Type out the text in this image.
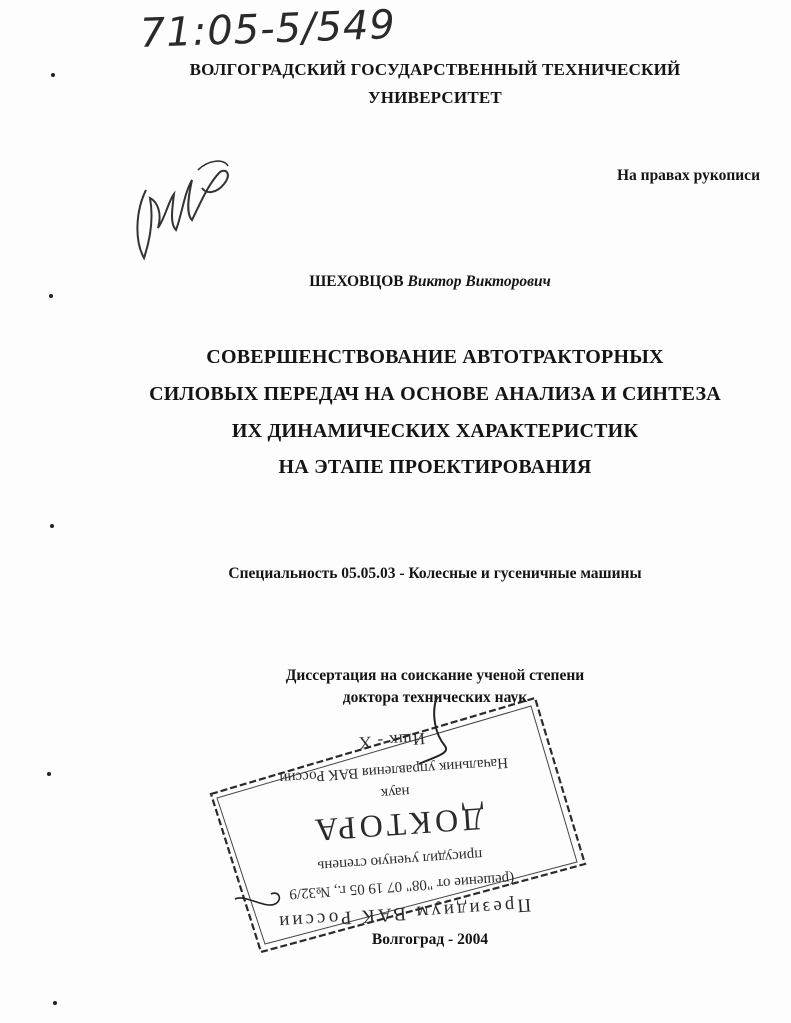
71:05-5/549
ВОЛГОГРАДСКИЙ ГОСУДАРСТВЕННЫЙ ТЕХНИЧЕСКИЙ
УНИВЕРСИТЕТ
На правах рукописи
ШЕХОВЦОВ Виктор Викторович
СОВЕРШЕНСТВОВАНИЕ АВТОТРАКТОРНЫХ
СИЛОВЫХ ПЕРЕДАЧ НА ОСНОВЕ АНАЛИЗА И СИНТЕЗА
ИХ ДИНАМИЧЕСКИХ ХАРАКТЕРИСТИК
НА ЭТАПЕ ПРОЕКТИРОВАНИЯ
Специальность 05.05.03 - Колесные и гусеничные машины
Диссертация на соискание ученой степени
доктора технических наук
Президиум ВАК России
(решение от "08" 07 19 05 г., №32/9
присудил ученую степень
ДОКТОРА
наук
Начальник управления ВАК России
Ишк - Х
Волгоград - 2004
